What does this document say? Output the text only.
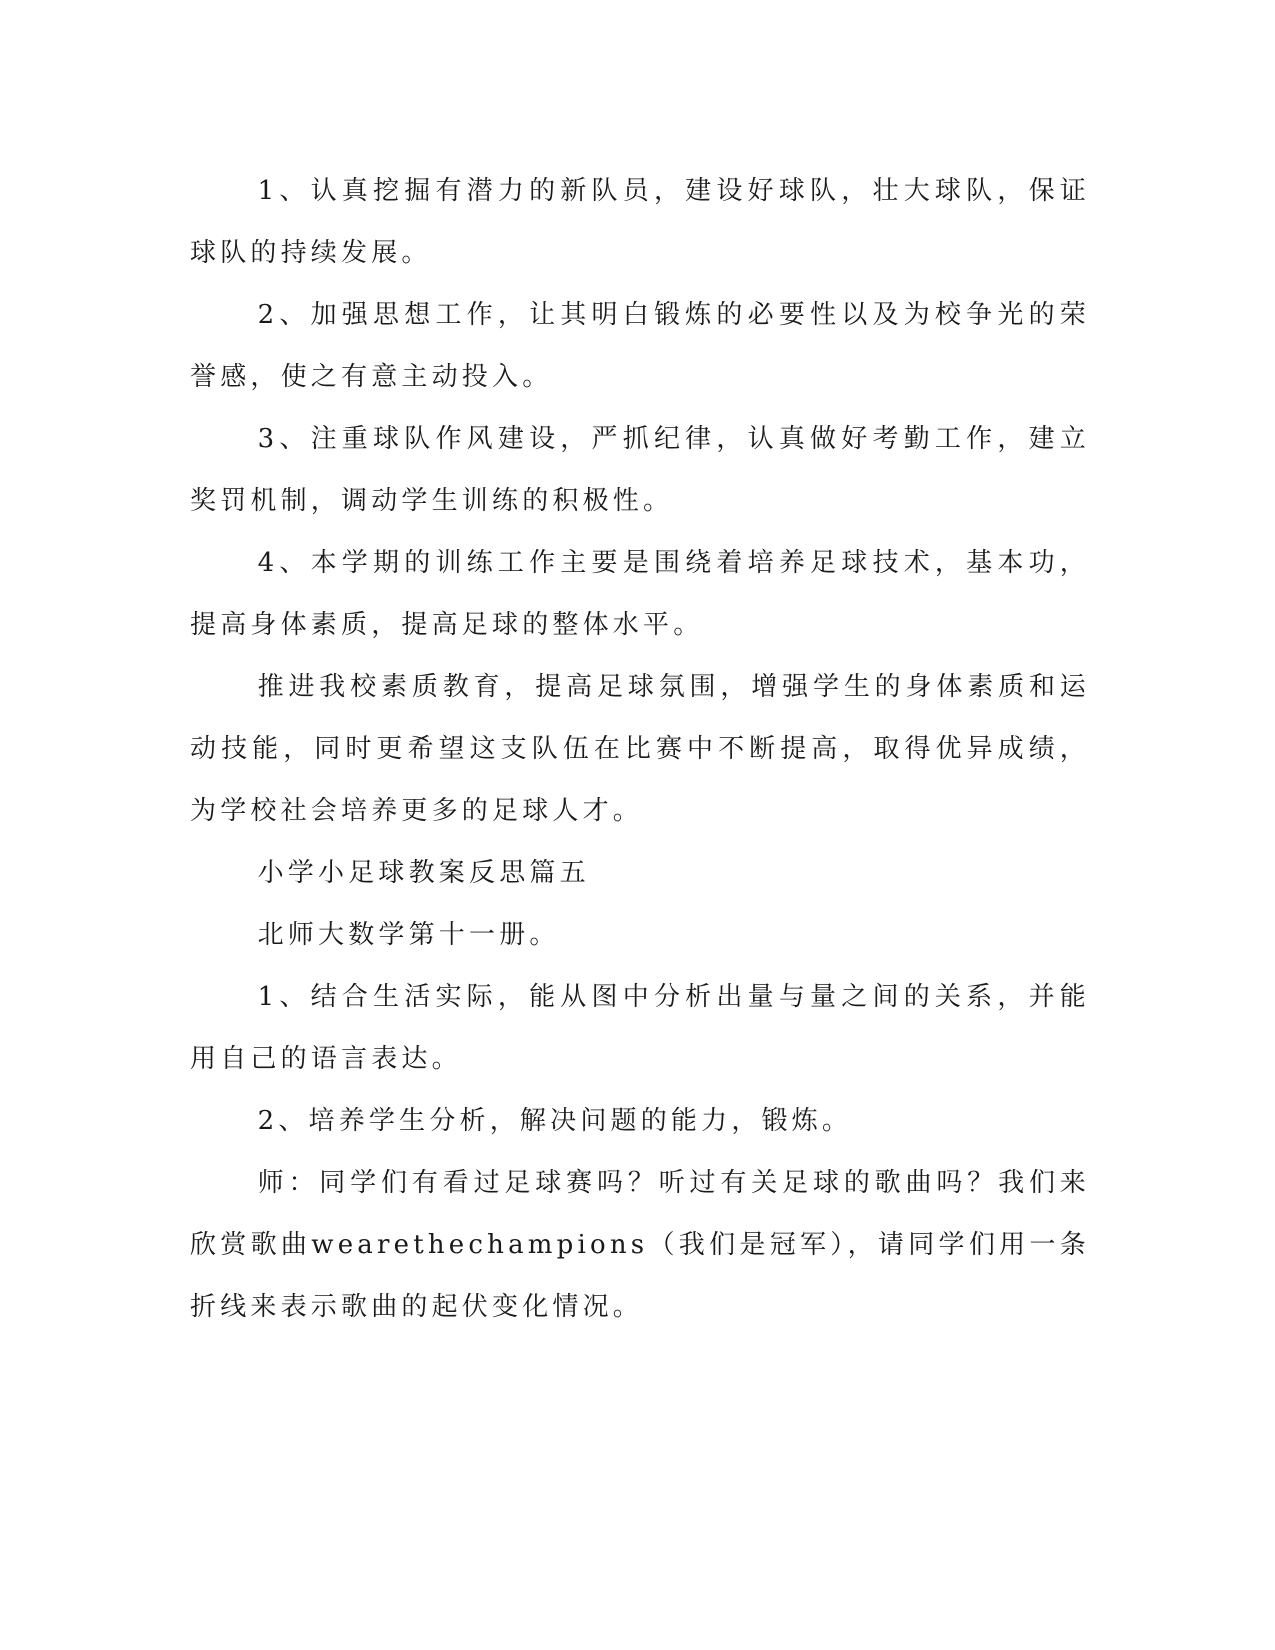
1、认真挖掘有潜力的新队员，建设好球队，壮大球队，保证球队的持续发展。

2、加强思想工作，让其明白锻炼的必要性以及为校争光的荣誉感，使之有意主动投入。

3、注重球队作风建设，严抓纪律，认真做好考勤工作，建立奖罚机制，调动学生训练的积极性。

4、本学期的训练工作主要是围绕着培养足球技术，基本功，提高身体素质，提高足球的整体水平。

推进我校素质教育，提高足球氛围，增强学生的身体素质和运动技能，同时更希望这支队伍在比赛中不断提高，取得优异成绩，为学校社会培养更多的足球人才。

小学小足球教案反思篇五

北师大数学第十一册。

1、结合生活实际，能从图中分析出量与量之间的关系，并能用自己的语言表达。

2、培养学生分析，解决问题的能力，锻炼。

师：同学们有看过足球赛吗？听过有关足球的歌曲吗？我们来欣赏歌曲wearethechampions（我们是冠军），请同学们用一条折线来表示歌曲的起伏变化情况。
